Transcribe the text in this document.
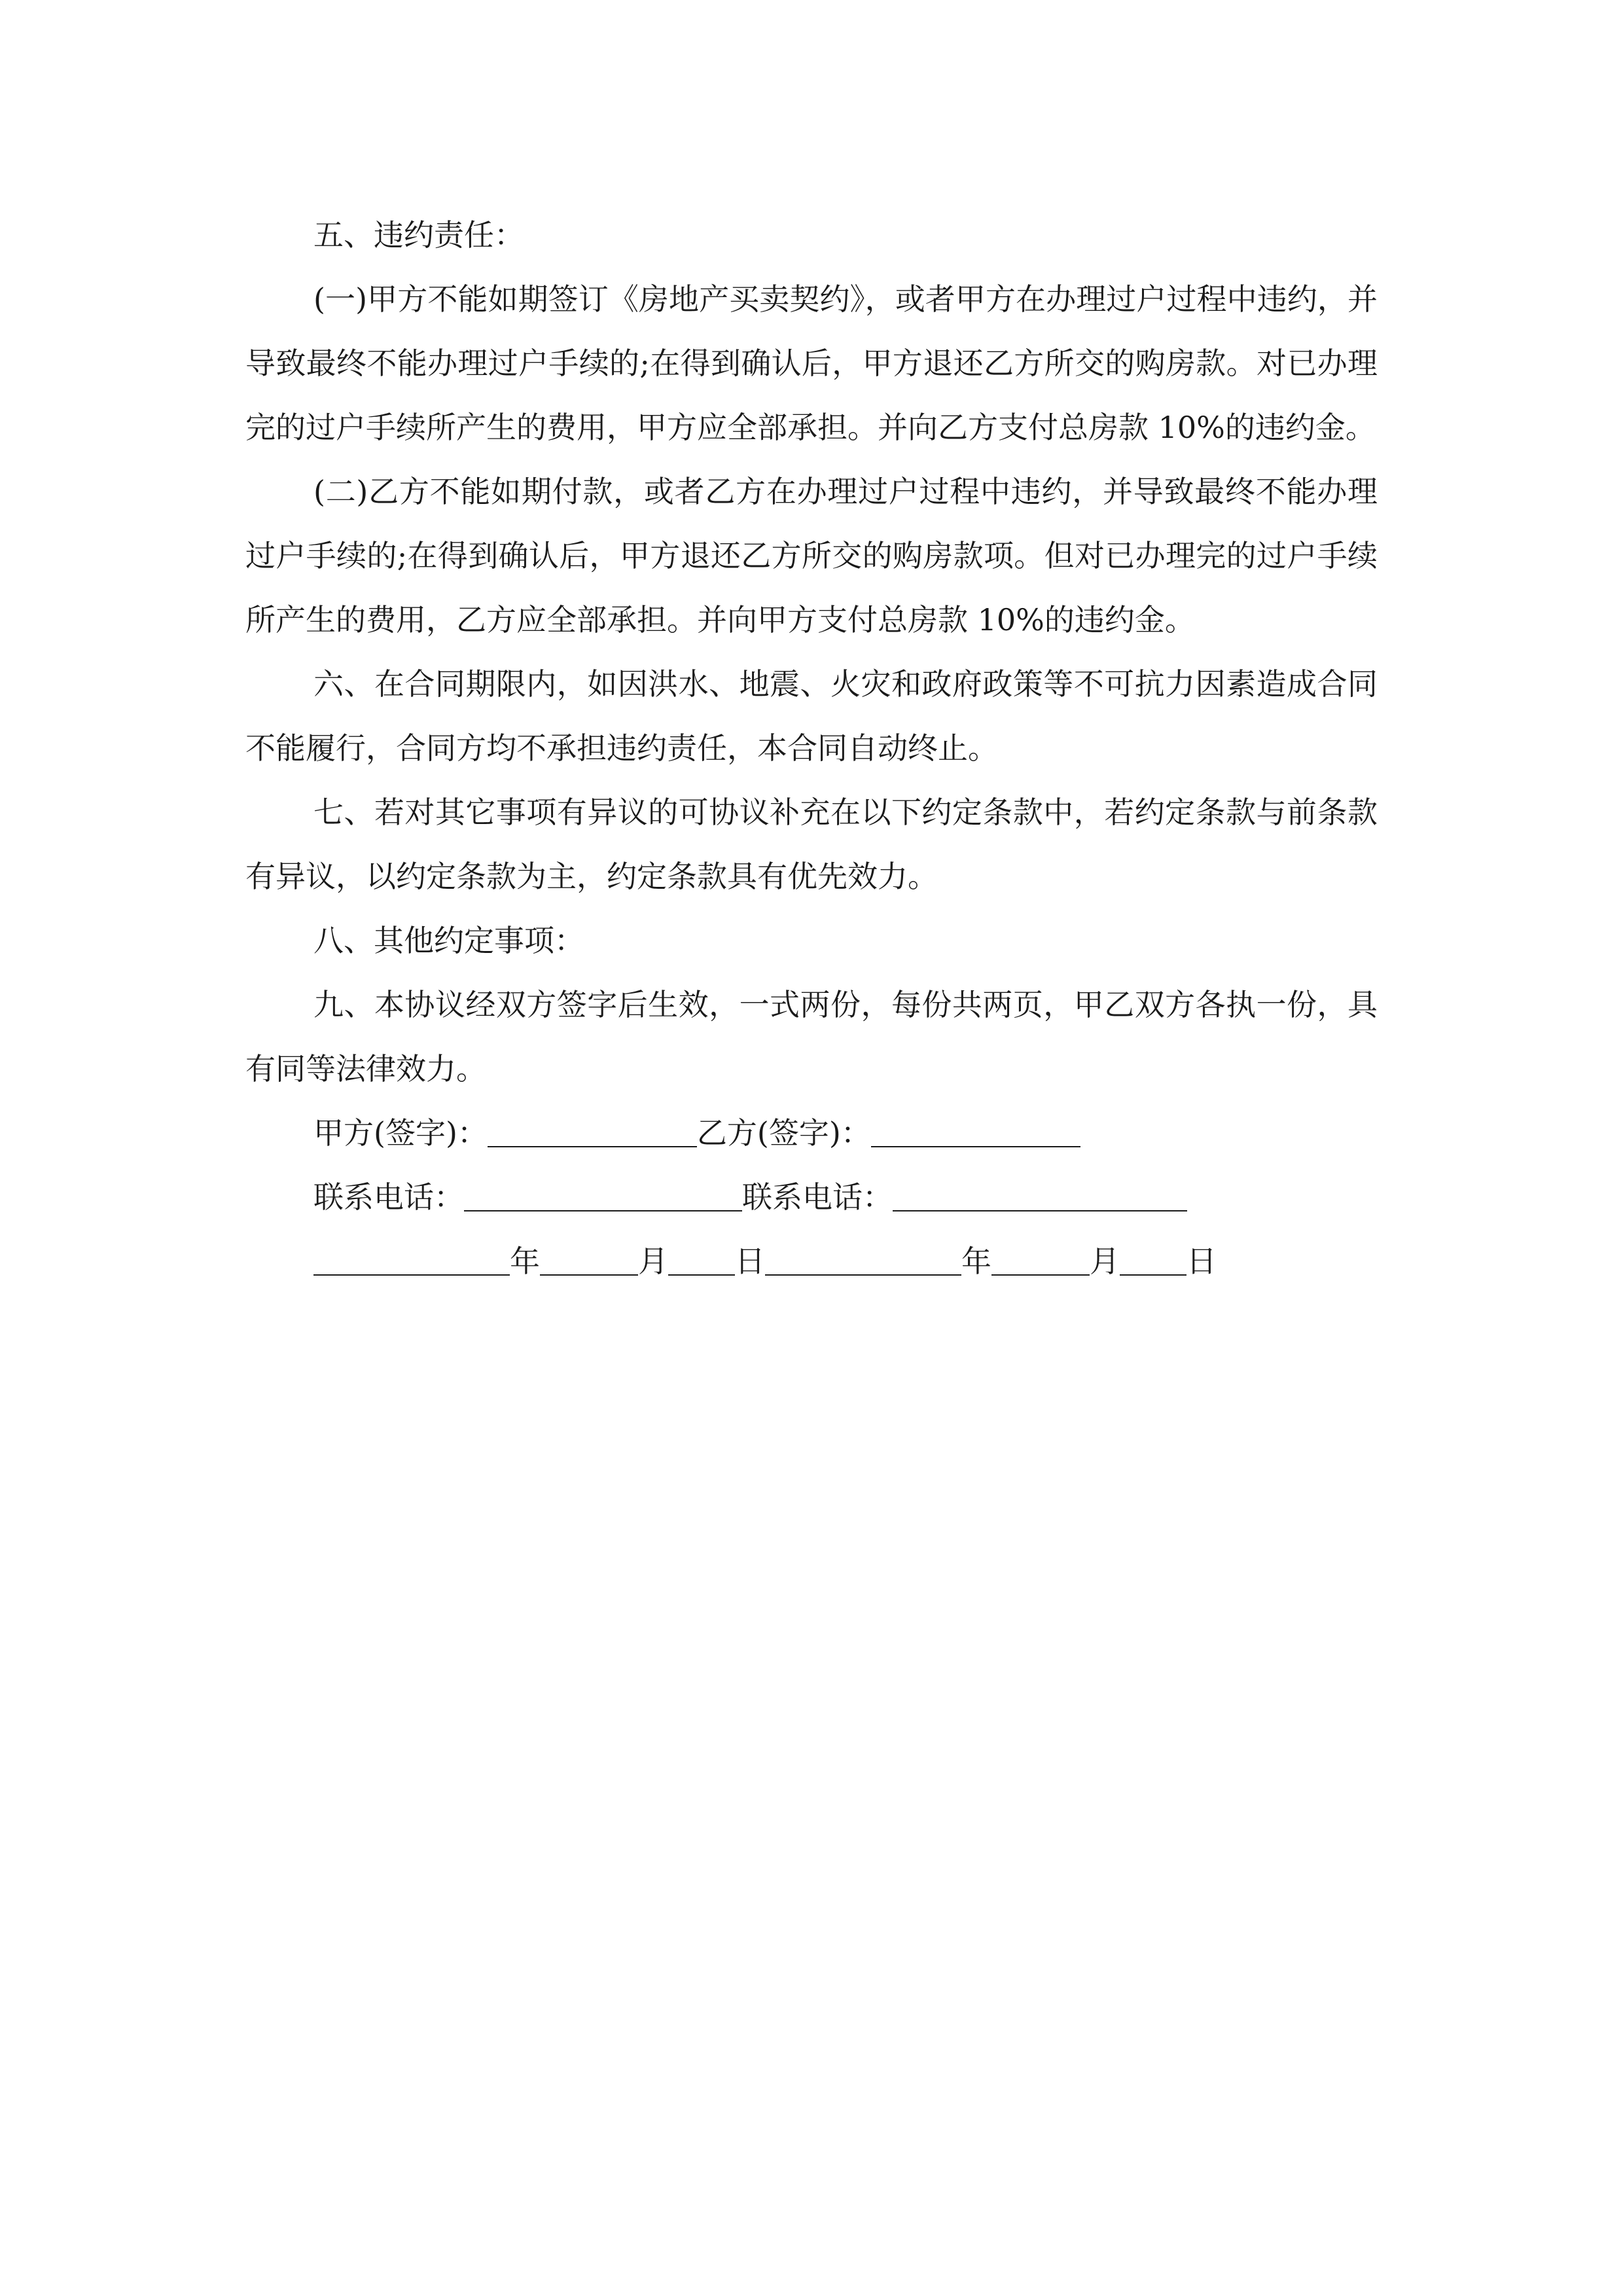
五、违约责任：

(一)甲方不能如期签订《房地产买卖契约》，或者甲方在办理过户过程中违约，并导致最终不能办理过户手续的;在得到确认后，甲方退还乙方所交的购房款。对已办理完的过户手续所产生的费用，甲方应全部承担。并向乙方支付总房款 10%的违约金。

(二)乙方不能如期付款，或者乙方在办理过户过程中违约，并导致最终不能办理过户手续的;在得到确认后，甲方退还乙方所交的购房款项。但对已办理完的过户手续所产生的费用，乙方应全部承担。并向甲方支付总房款 10%的违约金。

六、在合同期限内，如因洪水、地震、火灾和政府政策等不可抗力因素造成合同不能履行，合同方均不承担违约责任，本合同自动终止。

七、若对其它事项有异议的可协议补充在以下约定条款中，若约定条款与前条款有异议，以约定条款为主，约定条款具有优先效力。

八、其他约定事项：

九、本协议经双方签字后生效，一式两份，每份共两页，甲乙双方各执一份，具有同等法律效力。

甲方(签字)：	乙方(签字)：
联系电话：	联系电话：
年	月 日	年	月 日
